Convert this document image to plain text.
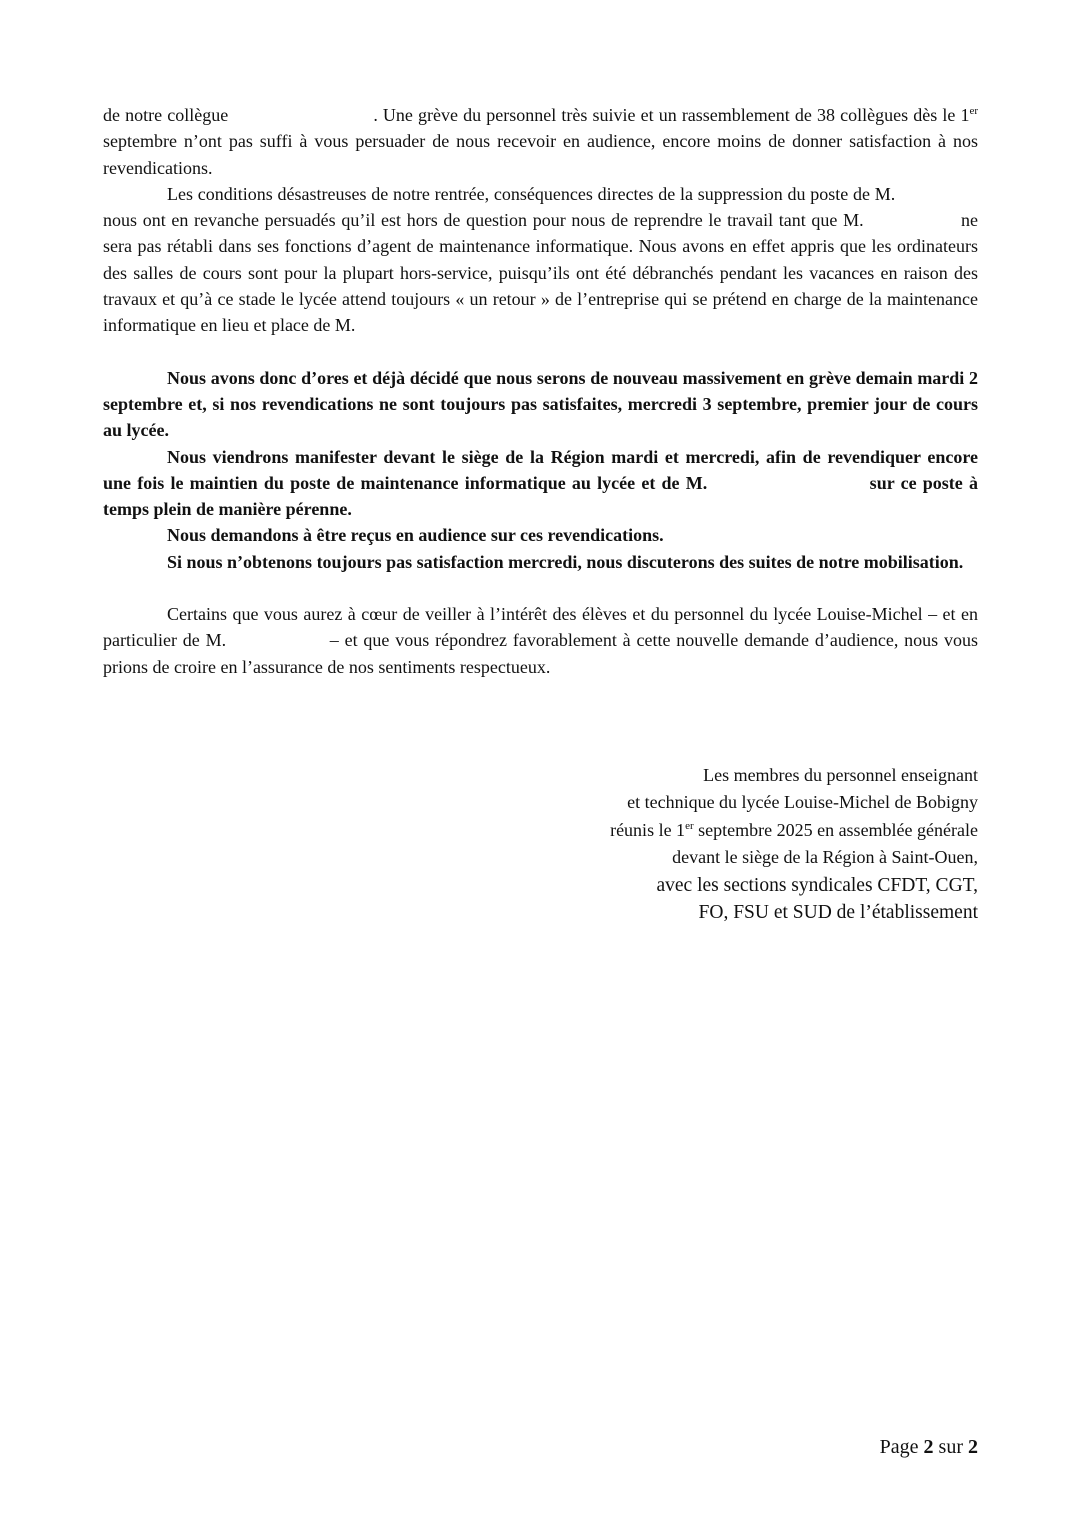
de notre collègue	. Une grève du personnel très suivie et un rassemblement de 38 collègues dès le 1er septembre n’ont pas suffi à vous persuader de nous recevoir en audience, encore moins de donner satisfaction à nos revendications.

Les conditions désastreuses de notre rentrée, conséquences directes de la suppression du poste de M.  nous ont en revanche persuadés qu’il est hors de question pour nous de reprendre le travail tant que M.	ne sera pas rétabli dans ses fonctions d’agent de maintenance informatique. Nous avons en effet appris que les ordinateurs des salles de cours sont pour la plupart hors-service, puisqu’ils ont été débranchés pendant les vacances en raison des travaux et qu’à ce stade le lycée attend toujours « un retour » de l’entreprise qui se prétend en charge de la maintenance informatique en lieu et place de M.

Nous avons donc d’ores et déjà décidé que nous serons de nouveau massivement en grève demain mardi 2 septembre et, si nos revendications ne sont toujours pas satisfaites, mercredi 3 septembre, premier jour de cours au lycée.

Nous viendrons manifester devant le siège de la Région mardi et mercredi, afin de revendiquer encore une fois le maintien du poste de maintenance informatique au lycée et de M.	sur ce poste à temps plein de manière pérenne.

Nous demandons à être reçus en audience sur ces revendications.

Si nous n’obtenons toujours pas satisfaction mercredi, nous discuterons des suites de notre mobilisation.

Certains que vous aurez à cœur de veiller à l’intérêt des élèves et du personnel du lycée Louise-Michel – et en particulier de M.	– et que vous répondrez favorablement à cette nouvelle demande d’audience, nous vous prions de croire en l’assurance de nos sentiments respectueux.

Les membres du personnel enseignant
et technique du lycée Louise-Michel de Bobigny
réunis le 1er septembre 2025 en assemblée générale
devant le siège de la Région à Saint-Ouen,
avec les sections syndicales CFDT, CGT,
FO, FSU et SUD de l’établissement
Page 2 sur 2
